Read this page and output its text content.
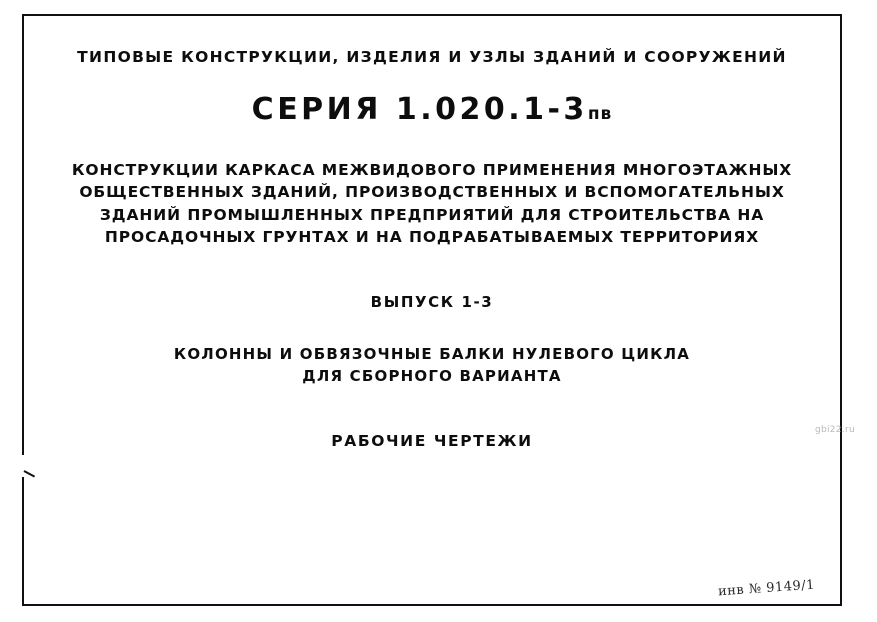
ТИПОВЫЕ КОНСТРУКЦИИ, ИЗДЕЛИЯ И УЗЛЫ ЗДАНИЙ И СООРУЖЕНИЙ
СЕРИЯ 1.020.1-3пв
КОНСТРУКЦИИ КАРКАСА МЕЖВИДОВОГО ПРИМЕНЕНИЯ МНОГОЭТАЖНЫХ
ОБЩЕСТВЕННЫХ ЗДАНИЙ, ПРОИЗВОДСТВЕННЫХ И ВСПОМОГАТЕЛЬНЫХ
ЗДАНИЙ ПРОМЫШЛЕННЫХ ПРЕДПРИЯТИЙ ДЛЯ СТРОИТЕЛЬСТВА НА
ПРОСАДОЧНЫХ ГРУНТАХ И НА ПОДРАБАТЫВАЕМЫХ ТЕРРИТОРИЯХ
ВЫПУСК 1-3
КОЛОННЫ И ОБВЯЗОЧНЫЕ БАЛКИ НУЛЕВОГО ЦИКЛА
ДЛЯ СБОРНОГО ВАРИАНТА
РАБОЧИЕ ЧЕРТЕЖИ
gbi22.ru
инв № 9149/1
